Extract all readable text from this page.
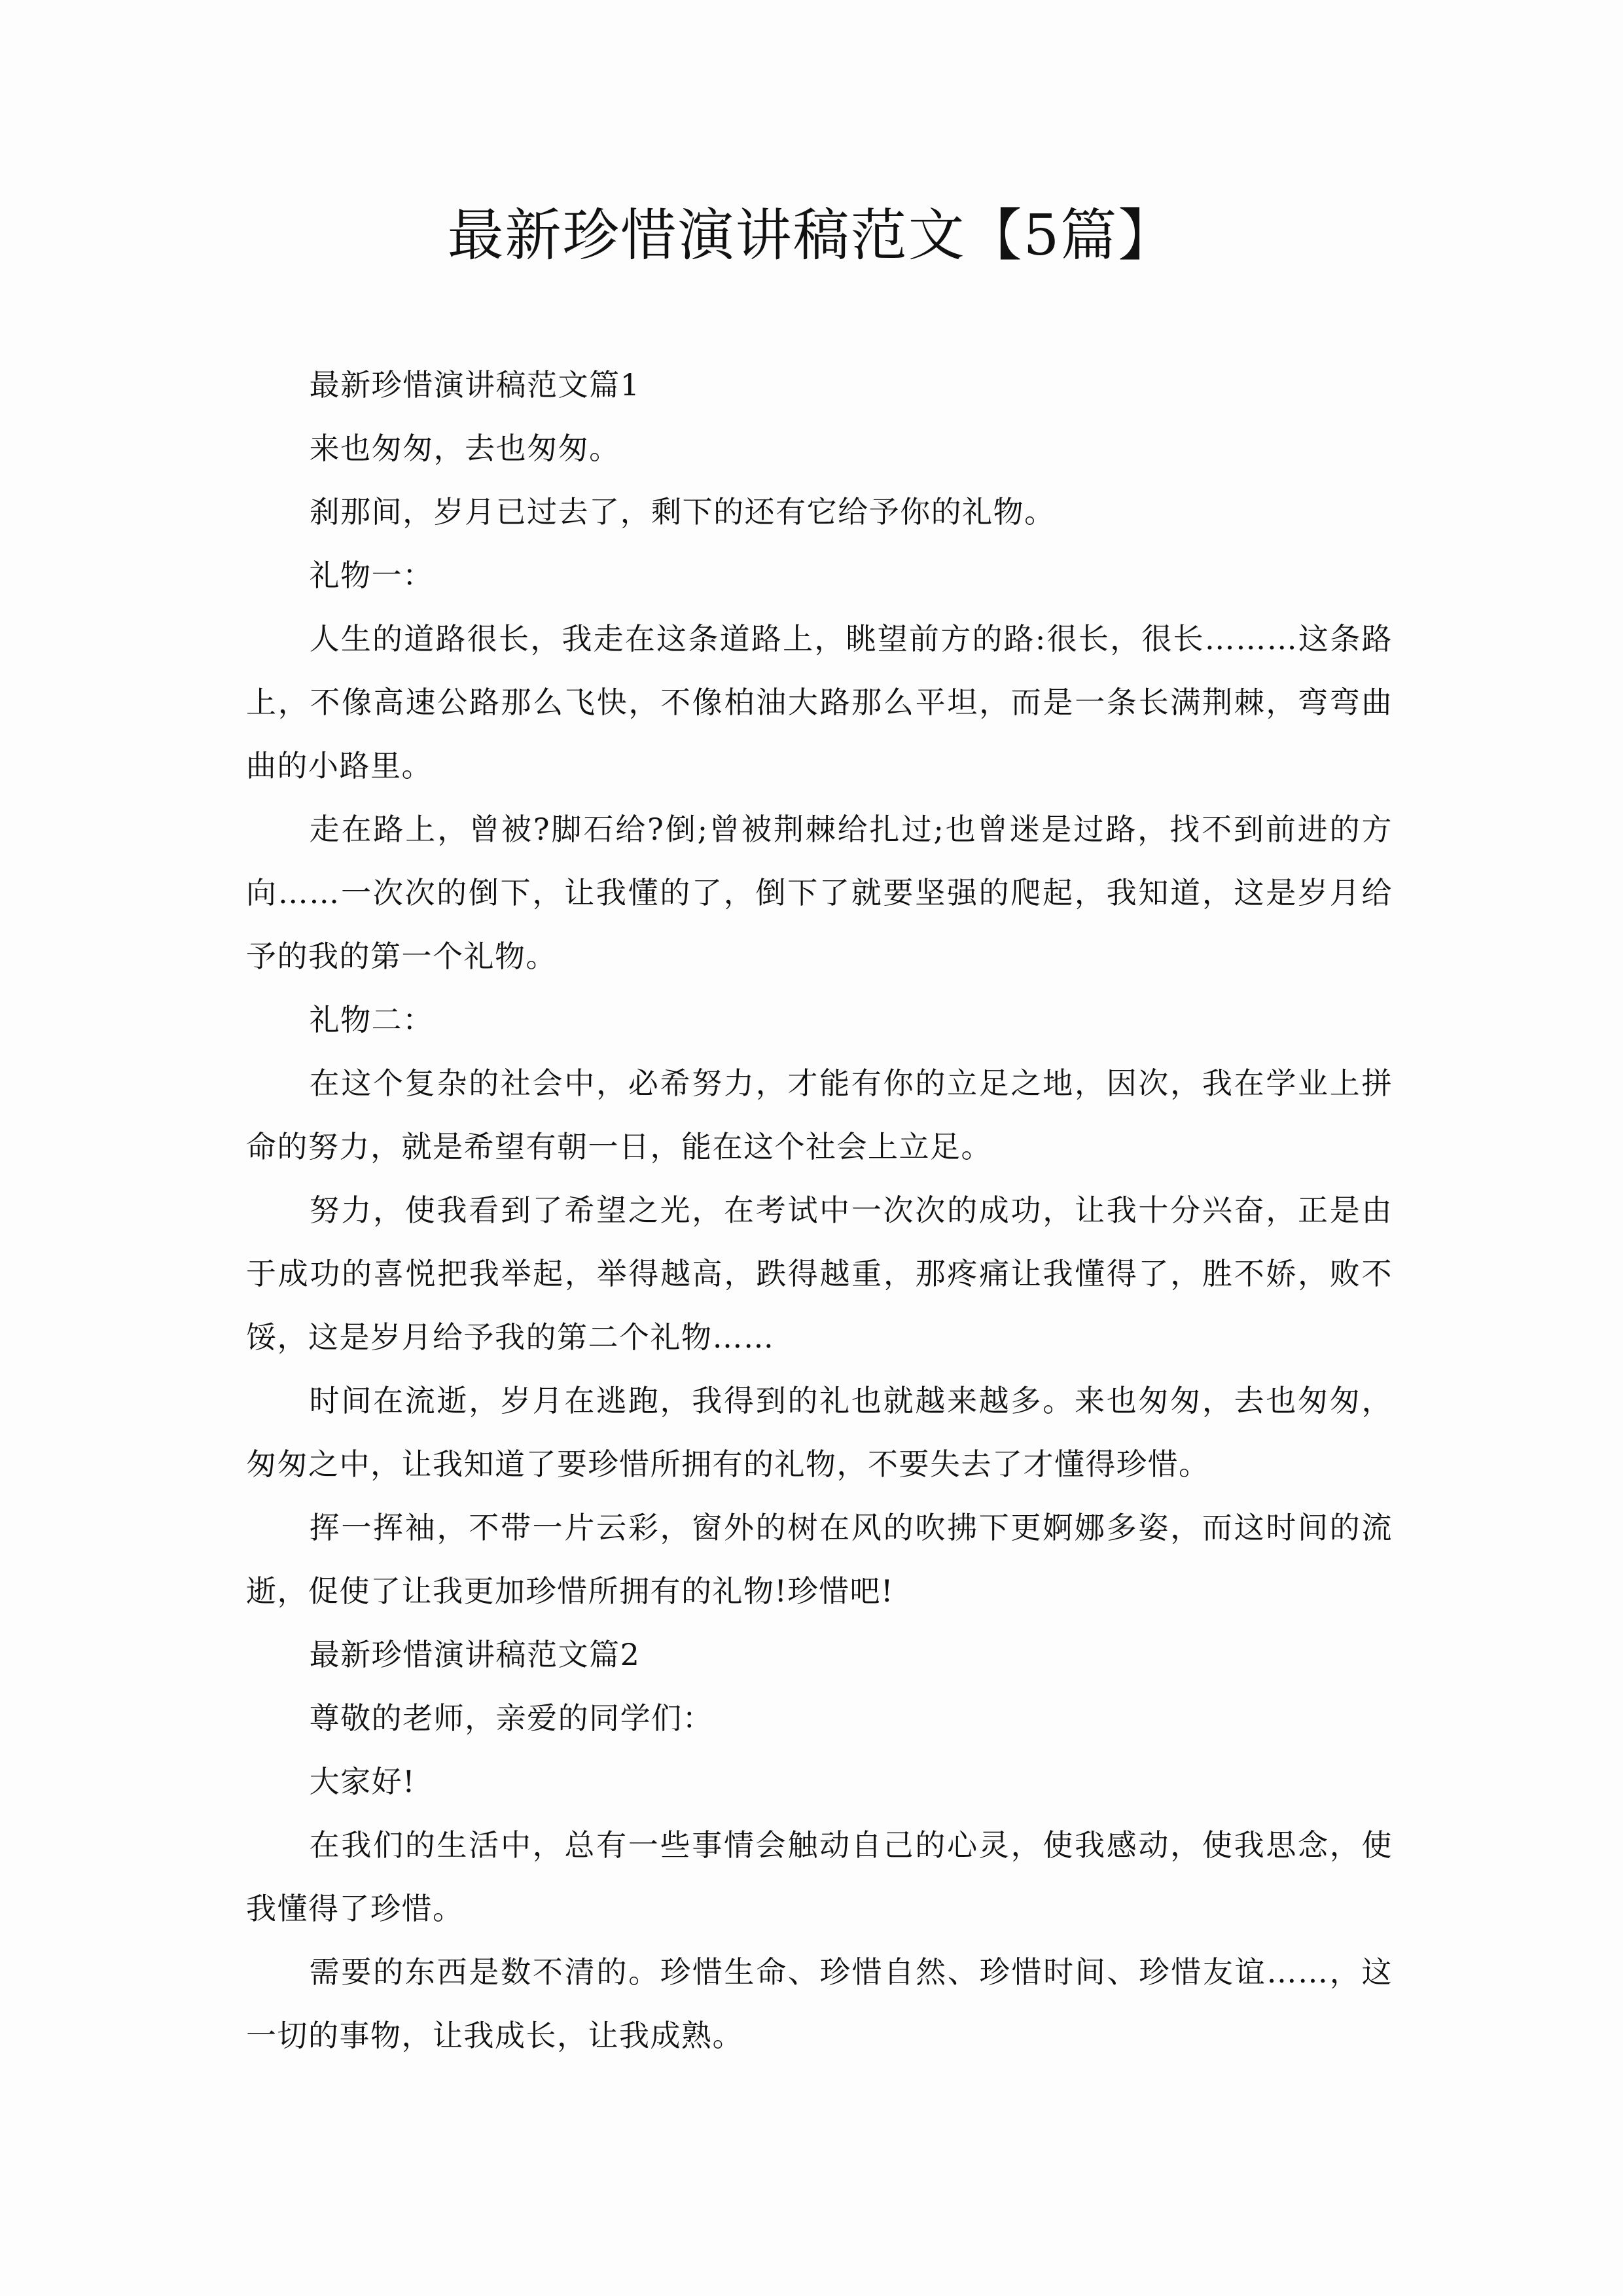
最新珍惜演讲稿范文【5篇】

最新珍惜演讲稿范文篇1

来也匆匆，去也匆匆。

刹那间，岁月已过去了，剩下的还有它给予你的礼物。

礼物一：

人生的道路很长，我走在这条道路上，眺望前方的路:很长，很长………这条路上，不像高速公路那么飞快，不像柏油大路那么平坦，而是一条长满荆棘，弯弯曲曲的小路里。

走在路上，曾被?脚石给?倒;曾被荆棘给扎过;也曾迷是过路，找不到前进的方向……一次次的倒下，让我懂的了，倒下了就要坚强的爬起，我知道，这是岁月给予的我的第一个礼物。

礼物二：

在这个复杂的社会中，必希努力，才能有你的立足之地，因次，我在学业上拼命的努力，就是希望有朝一日，能在这个社会上立足。

努力，使我看到了希望之光，在考试中一次次的成功，让我十分兴奋，正是由于成功的喜悦把我举起，举得越高，跌得越重，那疼痛让我懂得了，胜不娇，败不馁，这是岁月给予我的第二个礼物……

时间在流逝，岁月在逃跑，我得到的礼也就越来越多。来也匆匆，去也匆匆，匆匆之中，让我知道了要珍惜所拥有的礼物，不要失去了才懂得珍惜。

挥一挥袖，不带一片云彩，窗外的树在风的吹拂下更婀娜多姿，而这时间的流逝，促使了让我更加珍惜所拥有的礼物!珍惜吧!

最新珍惜演讲稿范文篇2

尊敬的老师，亲爱的同学们：

大家好!

在我们的生活中，总有一些事情会触动自己的心灵，使我感动，使我思念，使我懂得了珍惜。

需要的东西是数不清的。珍惜生命、珍惜自然、珍惜时间、珍惜友谊……，这一切的事物，让我成长，让我成熟。
